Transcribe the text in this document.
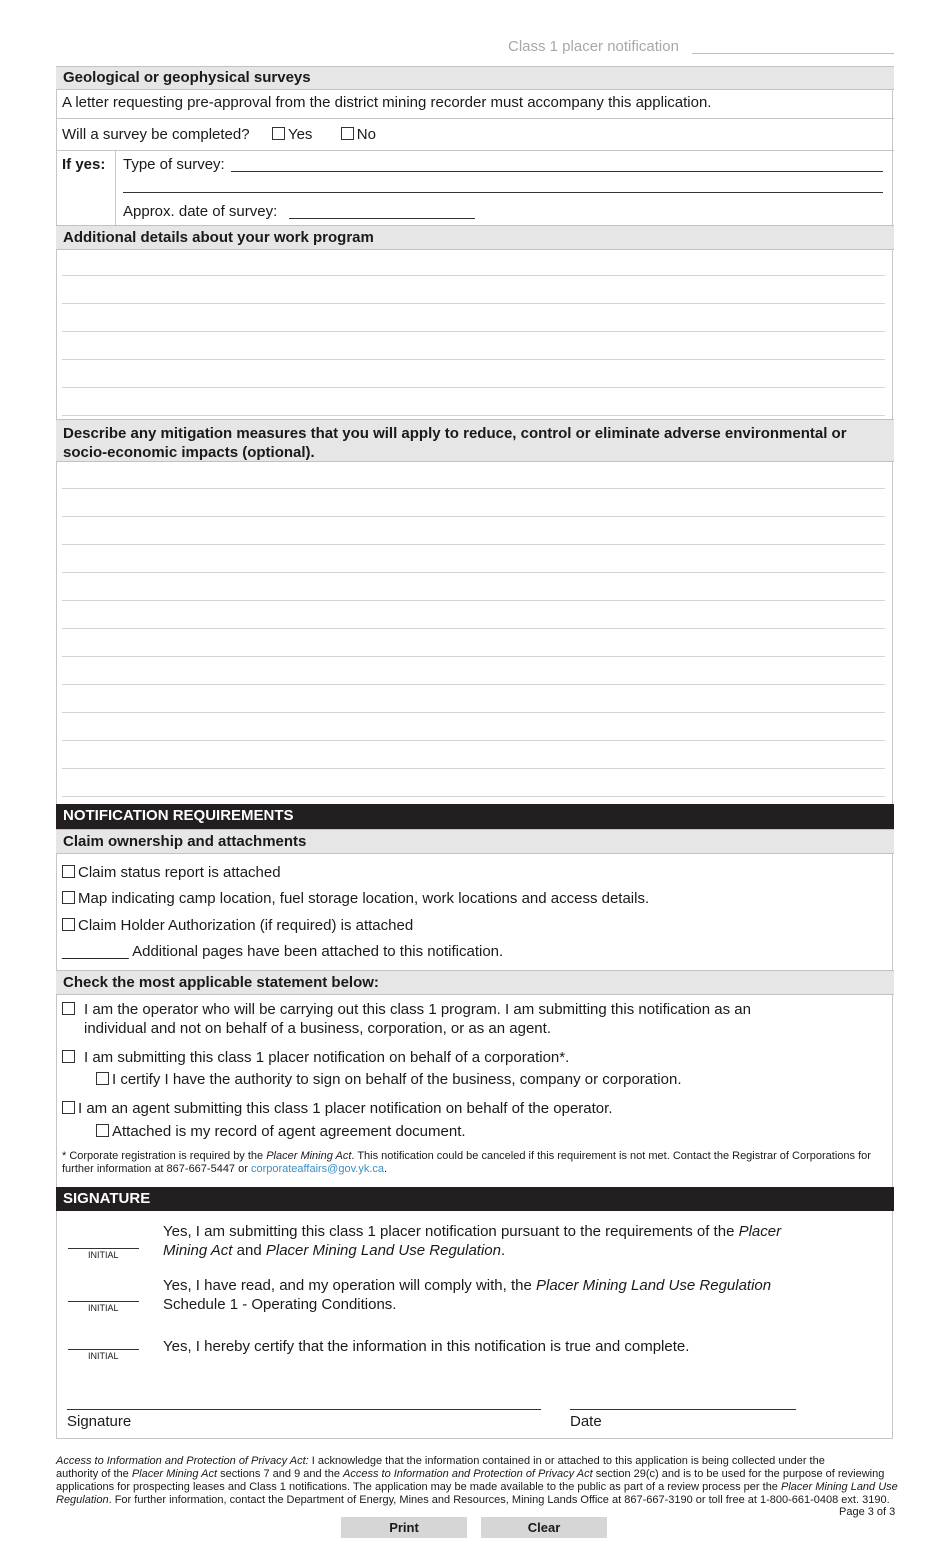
Class 1 placer notification
Geological or geophysical surveys
A letter requesting pre-approval from the district mining recorder must accompany this application.
Will a survey be completed?	Yes	No
If yes: Type of survey:
Approx. date of survey:
Additional details about your work program
Describe any mitigation measures that you will apply to reduce, control or eliminate adverse environmental or socio-economic impacts (optional).
NOTIFICATION REQUIREMENTS
Claim ownership and attachments
Claim status report is attached
Map indicating camp location, fuel storage location, work locations and access details.
Claim Holder Authorization (if required) is attached
________ Additional pages have been attached to this notification.
Check the most applicable statement below:
I am the operator who will be carrying out this class 1 program. I am submitting this notification as an
individual and not on behalf of a business, corporation, or as an agent.
I am submitting this class 1 placer notification on behalf of a corporation*.
I certify I have the authority to sign on behalf of the business, company or corporation.
I am an agent submitting this class 1 placer notification on behalf of the operator.
Attached is my record of agent agreement document.
* Corporate registration is required by the Placer Mining Act. This notification could be canceled if this requirement is not met. Contact the Registrar of Corporations for
further information at 867-667-5447 or corporateaffairs@gov.yk.ca.
SIGNATURE
INITIAL
Yes, I am submitting this class 1 placer notification pursuant to the requirements of the Placer
Mining Act and Placer Mining Land Use Regulation.
INITIAL
Yes, I have read, and my operation will comply with, the Placer Mining Land Use Regulation
Schedule 1 - Operating Conditions.
INITIAL
Yes, I hereby certify that the information in this notification is true and complete.
Signature	Date
Access to Information and Protection of Privacy Act: I acknowledge that the information contained in or attached to this application is being collected under the
authority of the Placer Mining Act sections 7 and 9 and the Access to Information and Protection of Privacy Act section 29(c) and is to be used for the purpose of reviewing
applications for prospecting leases and Class 1 notifications. The application may be made available to the public as part of a review process per the Placer Mining Land Use
Regulation. For further information, contact the Department of Energy, Mines and Resources, Mining Lands Office at 867-667-3190 or toll free at 1-800-661-0408 ext. 3190.
Page 3 of 3
Print	Clear
